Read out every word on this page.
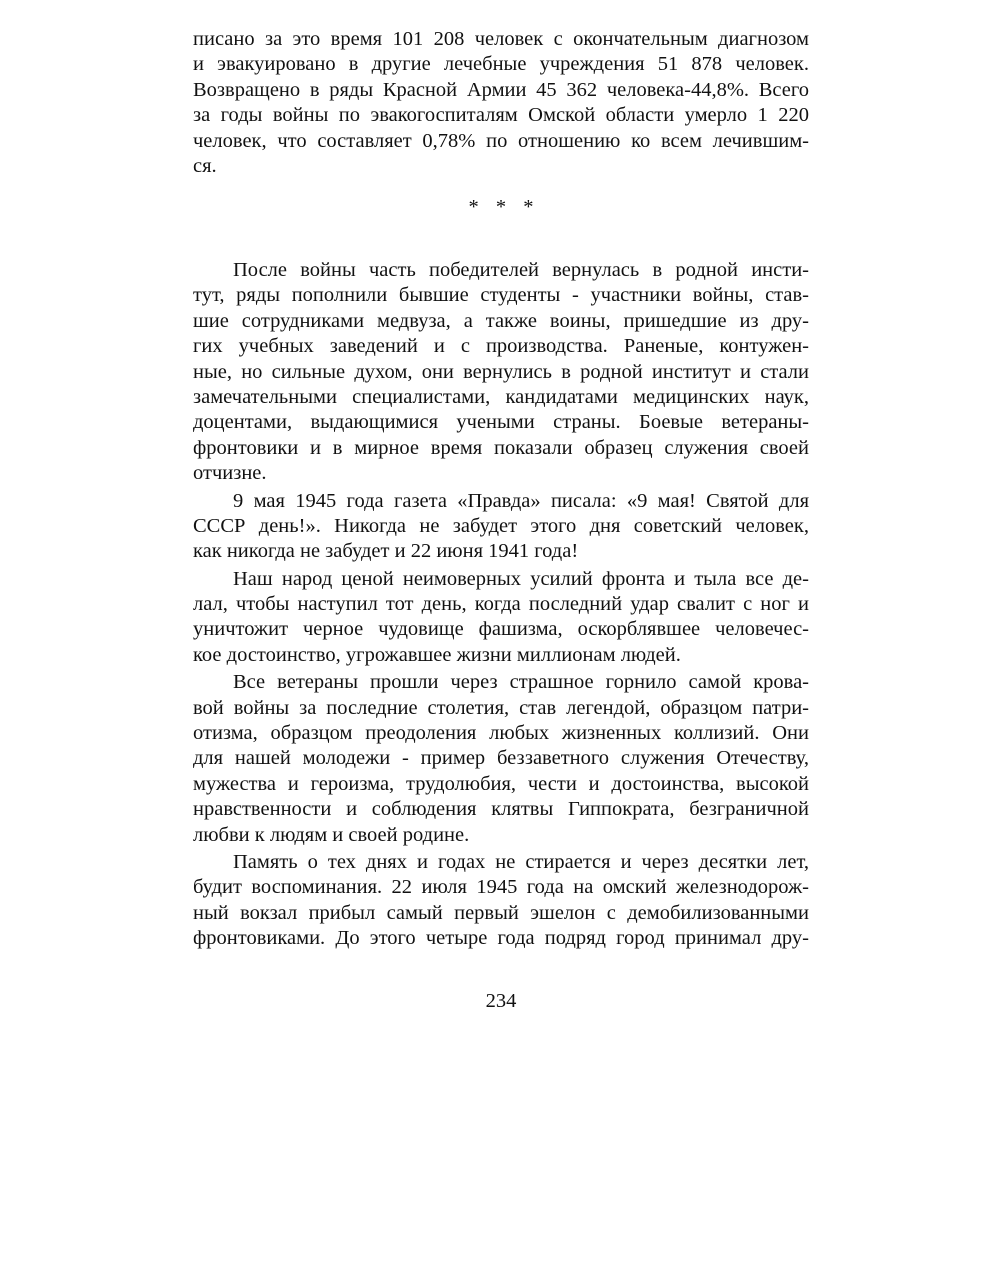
писано за это время 101 208 человек с окончательным диагнозом
и эвакуировано в другие лечебные учреждения 51 878 человек.
Возвращено в ряды Красной Армии 45 362 человека-44,8%. Всего
за годы войны по эвакогоспиталям Омской области умерло 1 220
человек, что составляет 0,78% по отношению ко всем лечившим-
ся.
* * *
После войны часть победителей вернулась в родной инсти-
тут, ряды пополнили бывшие студенты - участники войны, став-
шие сотрудниками медвуза, а также воины, пришедшие из дру-
гих учебных заведений и с производства. Раненые, контужен-
ные, но сильные духом, они вернулись в родной институт и стали
замечательными специалистами, кандидатами медицинских наук,
доцентами, выдающимися учеными страны. Боевые ветераны-
фронтовики и в мирное время показали образец служения своей
отчизне.
9 мая 1945 года газета «Правда» писала: «9 мая! Святой для
СССР день!». Никогда не забудет этого дня советский человек,
как никогда не забудет и 22 июня 1941 года!
Наш народ ценой неимоверных усилий фронта и тыла все де-
лал, чтобы наступил тот день, когда последний удар свалит с ног и
уничтожит черное чудовище фашизма, оскорблявшее человечес-
кое достоинство, угрожавшее жизни миллионам людей.
Все ветераны прошли через страшное горнило самой крова-
вой войны за последние столетия, став легендой, образцом патри-
отизма, образцом преодоления любых жизненных коллизий. Они
для нашей молодежи - пример беззаветного служения Отечеству,
мужества и героизма, трудолюбия, чести и достоинства, высокой
нравственности и соблюдения клятвы Гиппократа, безграничной
любви к людям и своей родине.
Память о тех днях и годах не стирается и через десятки лет,
будит воспоминания. 22 июля 1945 года на омский железнодорож-
ный вокзал прибыл самый первый эшелон с демобилизованными
фронтовиками. До этого четыре года подряд город принимал дру-
234
